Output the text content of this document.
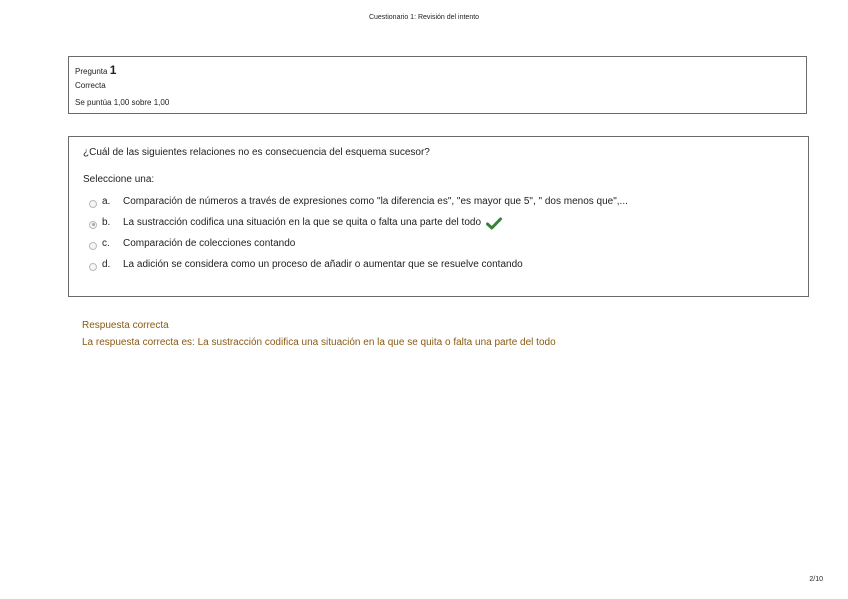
Cuestionario 1: Revisión del intento
Pregunta 1
Correcta
Se puntúa 1,00 sobre 1,00
¿Cuál de las siguientes relaciones no es consecuencia del esquema sucesor?
Seleccione una:
a.	Comparación de números a través de expresiones como "la diferencia es", "es mayor que 5", " dos menos que",...
b.	La sustracción codifica una situación en la que se quita o falta una parte del todo
c.	Comparación de colecciones contando
d.	La adición se considera como un proceso de añadir o aumentar que se resuelve contando
Respuesta correcta
La respuesta correcta es: La sustracción codifica una situación en la que se quita o falta una parte del todo
2/10
